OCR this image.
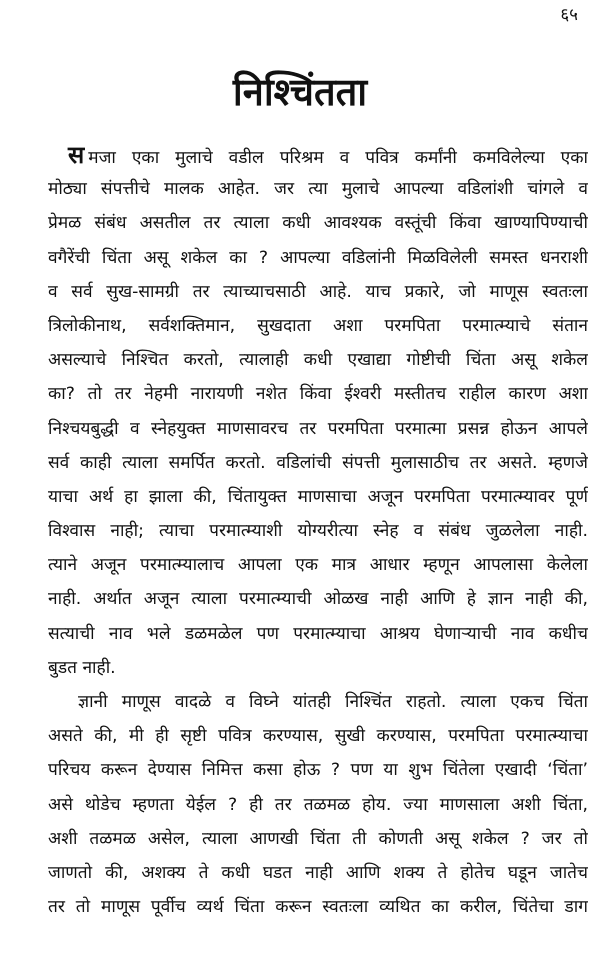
६५
निश्चिंतता
स मजा एका मुलाचे वडील परिश्रम व पवित्र कर्मांनी कमविलेल्या एका
मोठ्या संपत्तीचे मालक आहेत. जर त्या मुलाचे आपल्या वडिलांशी चांगले व
प्रेमळ संबंध असतील तर त्याला कधी आवश्यक वस्तूंची किंवा खाण्यापिण्याची
वगैरेंची चिंता असू शकेल का ? आपल्या वडिलांनी मिळविलेली समस्त धनराशी
व सर्व सुख-सामग्री तर त्याच्याचसाठी आहे. याच प्रकारे, जो माणूस स्वतःला
त्रिलोकीनाथ, सर्वशक्तिमान, सुखदाता अशा परमपिता परमात्म्याचे संतान
असल्याचे निश्चित करतो, त्यालाही कधी एखाद्या गोष्टीची चिंता असू शकेल
का? तो तर नेहमी नारायणी नशेत किंवा ईश्वरी मस्तीतच राहील कारण अशा
निश्चयबुद्धी व स्नेहयुक्त माणसावरच तर परमपिता परमात्मा प्रसन्न होऊन आपले
सर्व काही त्याला समर्पित करतो. वडिलांची संपत्ती मुलासाठीच तर असते. म्हणजे
याचा अर्थ हा झाला की, चिंतायुक्त माणसाचा अजून परमपिता परमात्म्यावर पूर्ण
विश्वास नाही; त्याचा परमात्म्याशी योग्यरीत्या स्नेह व संबंध जुळलेला नाही.
त्याने अजून परमात्म्यालाच आपला एक मात्र आधार म्हणून आपलासा केलेला
नाही. अर्थात अजून त्याला परमात्म्याची ओळख नाही आणि हे ज्ञान नाही की,
सत्याची नाव भले डळमळेल पण परमात्म्याचा आश्रय घेणाऱ्याची नाव कधीच
बुडत नाही.
ज्ञानी माणूस वादळे व विघ्ने यांतही निश्चिंत राहतो. त्याला एकच चिंता
असते की, मी ही सृष्टी पवित्र करण्यास, सुखी करण्यास, परमपिता परमात्म्याचा
परिचय करून देण्यास निमित्त कसा होऊ ? पण या शुभ चिंतेला एखादी ‘चिंता’
असे थोडेच म्हणता येईल ? ही तर तळमळ होय. ज्या माणसाला अशी चिंता,
अशी तळमळ असेल, त्याला आणखी चिंता ती कोणती असू शकेल ? जर तो
जाणतो की, अशक्य ते कधी घडत नाही आणि शक्य ते होतेच घडून जातेच
तर तो माणूस पूर्वीच व्यर्थ चिंता करून स्वतःला व्यथित का करील, चिंतेचा डाग
